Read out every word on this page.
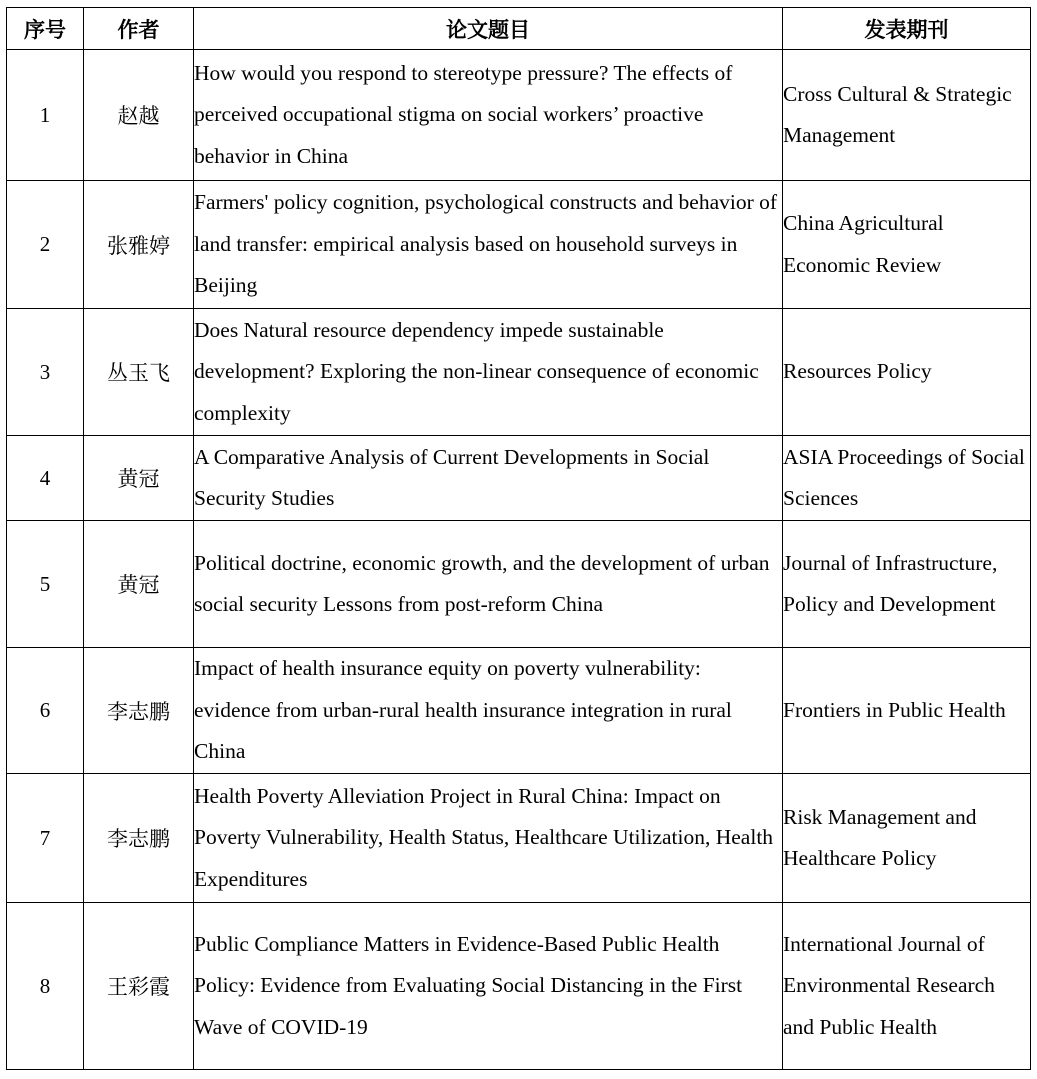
序号	作者	论文题目	发表期刊
1	赵越	How would you respond to stereotype pressure? The effects of perceived occupational stigma on social workers’ proactive behavior in China	Cross Cultural & Strategic Management
2	张雅婷	Farmers' policy cognition, psychological constructs and behavior of land transfer: empirical analysis based on household surveys in Beijing	China Agricultural Economic Review
3	丛玉飞	Does Natural resource dependency impede sustainable development? Exploring the non-linear consequence of economic complexity	Resources Policy
4	黄冠	A Comparative Analysis of Current Developments in Social Security Studies	ASIA Proceedings of Social Sciences
5	黄冠	Political doctrine, economic growth, and the development of urban social security Lessons from post-reform China	Journal of Infrastructure, Policy and Development
6	李志鹏	Impact of health insurance equity on poverty vulnerability: evidence from urban-rural health insurance integration in rural China	Frontiers in Public Health
7	李志鹏	Health Poverty Alleviation Project in Rural China: Impact on Poverty Vulnerability, Health Status, Healthcare Utilization, Health Expenditures	Risk Management and Healthcare Policy
8	王彩霞	Public Compliance Matters in Evidence-Based Public Health Policy: Evidence from Evaluating Social Distancing in the First Wave of COVID-19	International Journal of Environmental Research and Public Health
